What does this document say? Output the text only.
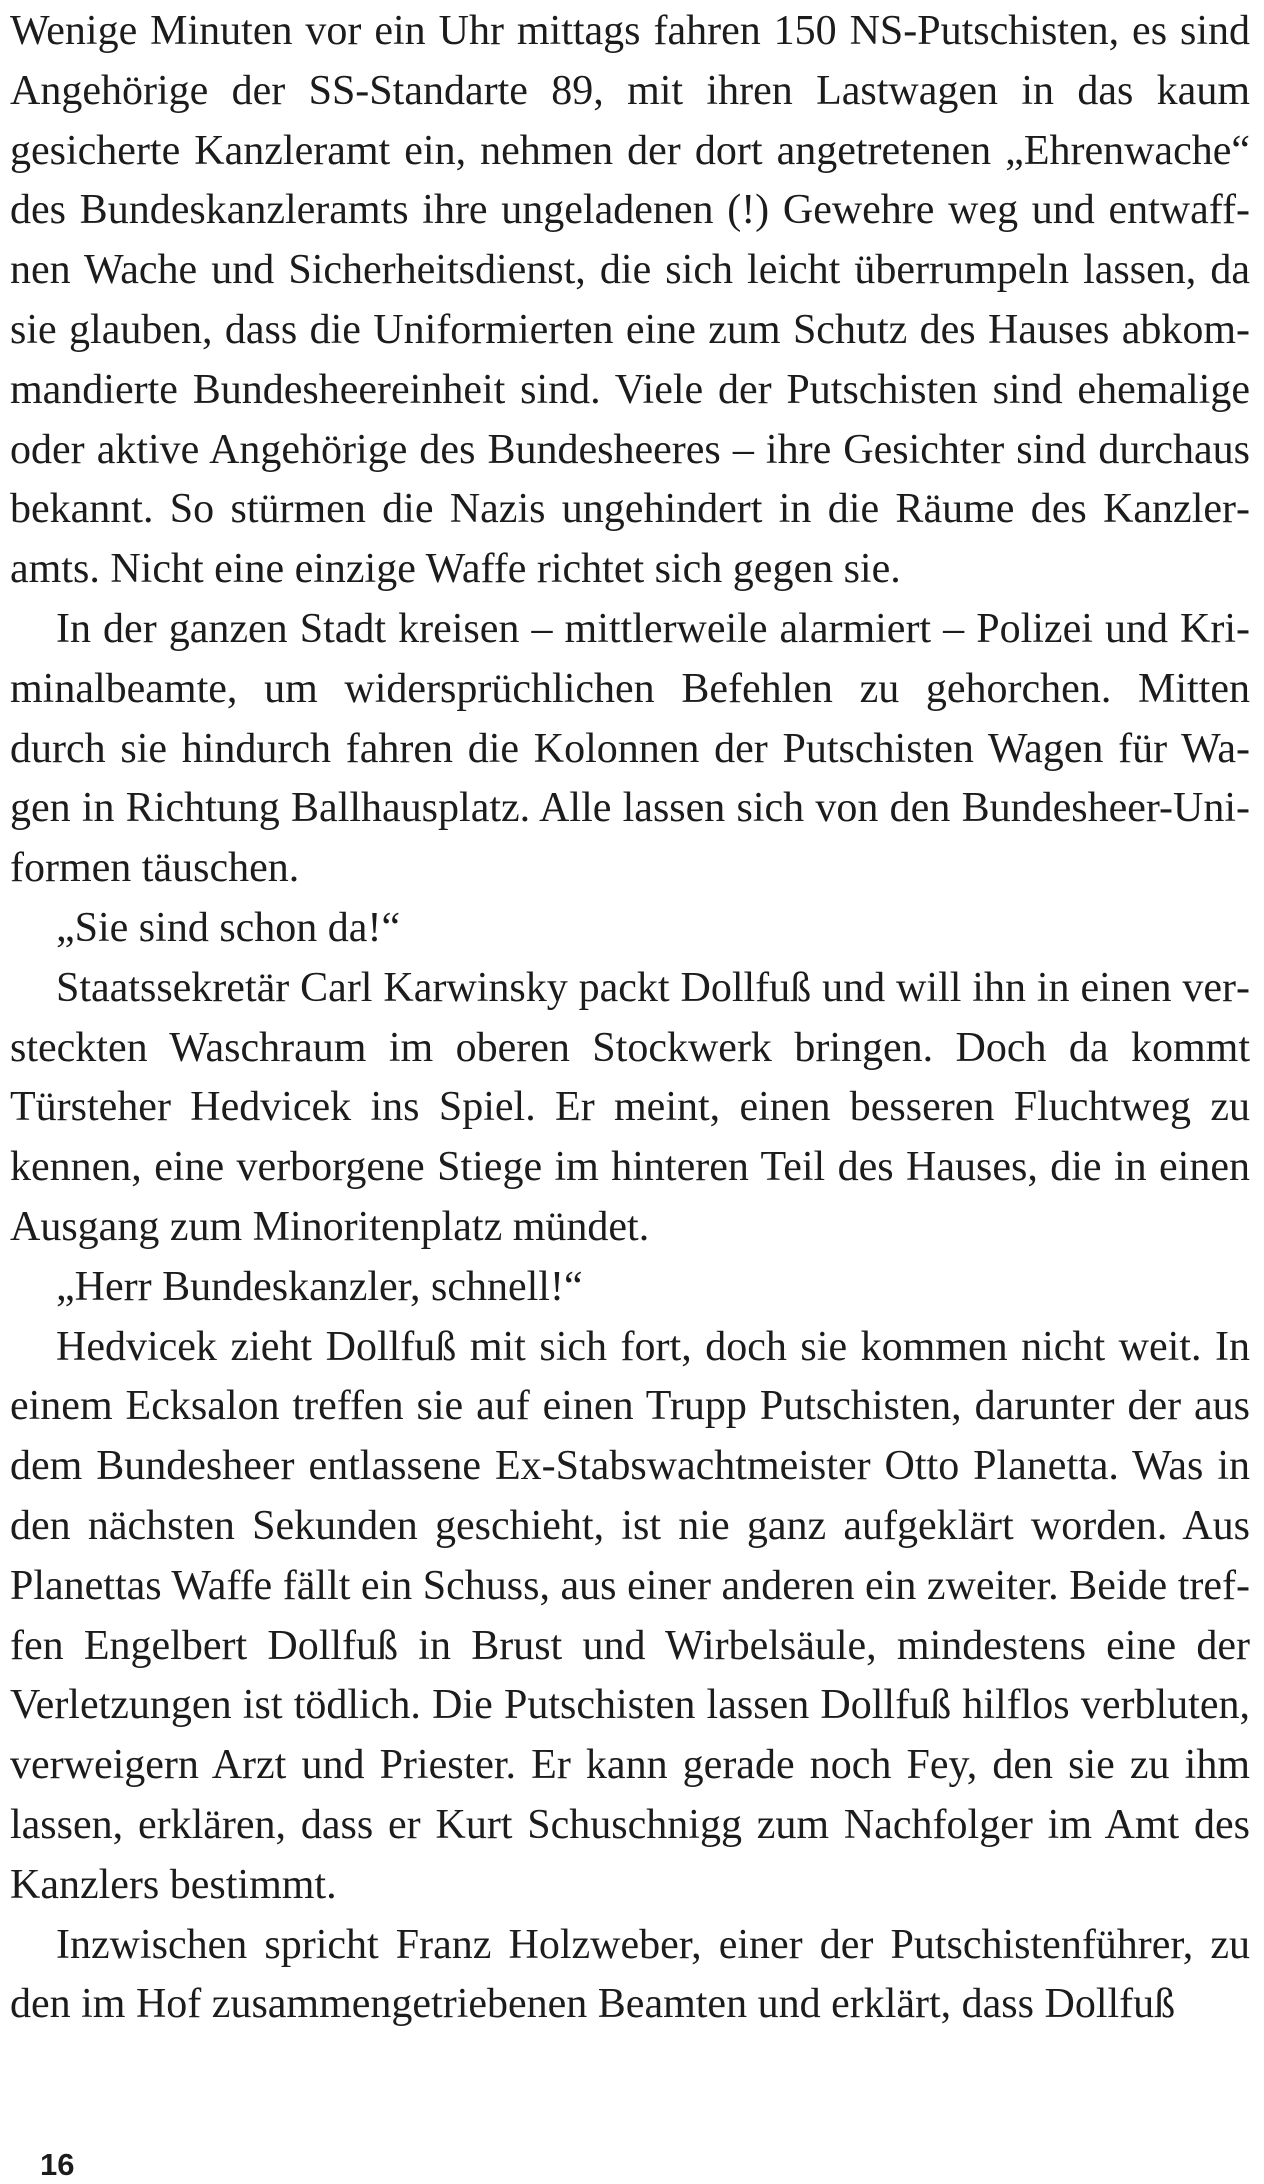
Wenige Minuten vor ein Uhr mittags fahren 150 NS-Putschisten, es sind Angehörige der SS-Standarte 89, mit ihren Lastwagen in das kaum gesicherte Kanzleramt ein, nehmen der dort angetretenen „Ehrenwache“ des Bundeskanzleramts ihre ungeladenen (!) Gewehre weg und entwaffnen Wache und Sicherheitsdienst, die sich leicht überrumpeln lassen, da sie glauben, dass die Uniformierten eine zum Schutz des Hauses abkommandierte Bundesheereinheit sind. Viele der Putschisten sind ehemalige oder aktive Angehörige des Bundesheeres – ihre Gesichter sind durchaus bekannt. So stürmen die Nazis ungehindert in die Räume des Kanzleramts. Nicht eine einzige Waffe richtet sich gegen sie.

In der ganzen Stadt kreisen – mittlerweile alarmiert – Polizei und Kriminalbeamte, um widersprüchlichen Befehlen zu gehorchen. Mitten durch sie hindurch fahren die Kolonnen der Putschisten Wagen für Wagen in Richtung Ballhausplatz. Alle lassen sich von den Bundesheer-Uniformen täuschen.

„Sie sind schon da!“

Staatssekretär Carl Karwinsky packt Dollfuß und will ihn in einen versteckten Waschraum im oberen Stockwerk bringen. Doch da kommt Türsteher Hedvicek ins Spiel. Er meint, einen besseren Fluchtweg zu kennen, eine verborgene Stiege im hinteren Teil des Hauses, die in einen Ausgang zum Minoritenplatz mündet.

„Herr Bundeskanzler, schnell!“

Hedvicek zieht Dollfuß mit sich fort, doch sie kommen nicht weit. In einem Ecksalon treffen sie auf einen Trupp Putschisten, darunter der aus dem Bundesheer entlassene Ex-Stabswachtmeister Otto Planetta. Was in den nächsten Sekunden geschieht, ist nie ganz aufgeklärt worden. Aus Planettas Waffe fällt ein Schuss, aus einer anderen ein zweiter. Beide treffen Engelbert Dollfuß in Brust und Wirbelsäule, mindestens eine der Verletzungen ist tödlich. Die Putschisten lassen Dollfuß hilflos verbluten, verweigern Arzt und Priester. Er kann gerade noch Fey, den sie zu ihm lassen, erklären, dass er Kurt Schuschnigg zum Nachfolger im Amt des Kanzlers bestimmt.

Inzwischen spricht Franz Holzweber, einer der Putschistenführer, zu den im Hof zusammengetriebenen Beamten und erklärt, dass Dollfuß

16
